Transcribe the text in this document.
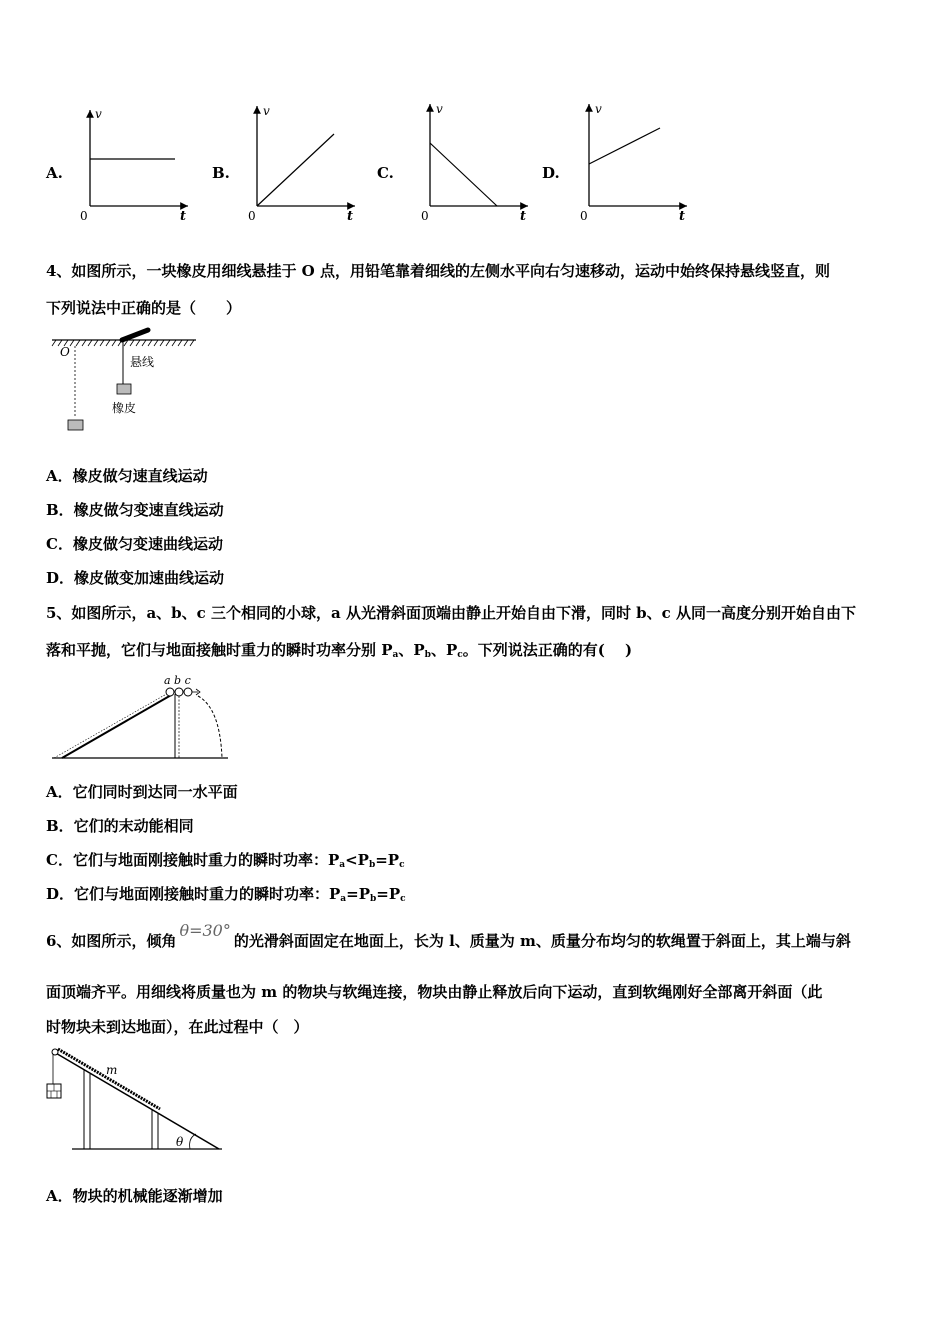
A.	B.	C.	D.
v
t
0
v
t
0
v
t
0
v
t
0
4、如图所示，一块橡皮用细线悬挂于 O 点，用铅笔靠着细线的左侧水平向右匀速移动，运动中始终保持悬线竖直，则
下列说法中正确的是（　　）
O
悬线
橡皮
A．橡皮做匀速直线运动
B．橡皮做匀变速直线运动
C．橡皮做匀变速曲线运动
D．橡皮做变加速曲线运动
5、如图所示，a、b、c 三个相同的小球，a 从光滑斜面顶端由静止开始自由下滑，同时 b、c 从同一高度分别开始自由下
落和平抛，它们与地面接触时重力的瞬时功率分别 $P_a$、$P_b$、$P_c$。下列说法正确的有(　 )
a b c
A．它们同时到达同一水平面
B．它们的末动能相同
C．它们与地面刚接触时重力的瞬时功率：$P_a<P_b=P_c$
D．它们与地面刚接触时重力的瞬时功率：$P_a=P_b=P_c$
6、如图所示，倾角θ=30°的光滑斜面固定在地面上，长为 l、质量为 m、质量分布均匀的软绳置于斜面上，其上端与斜
面顶端齐平。用细线将质量也为 m 的物块与软绳连接，物块由静止释放后向下运动，直到软绳刚好全部离开斜面（此
时物块未到达地面），在此过程中（　）
m
θ
A．物块的机械能逐渐增加
